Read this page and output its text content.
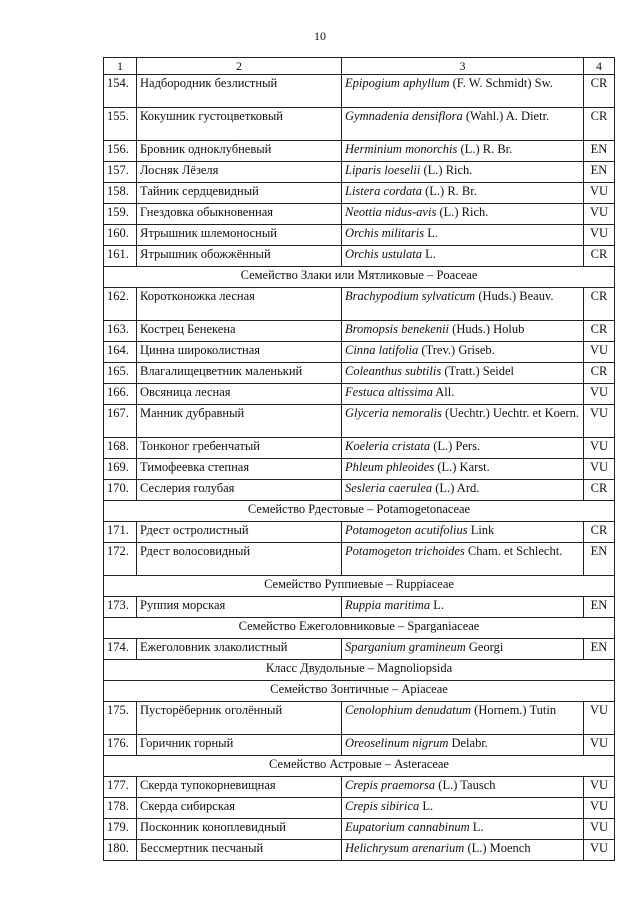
10
1	2	3	4
154.	Надбородник безлистный	Epipogium aphyllum (F. W. Schmidt) Sw.	CR
155.	Кокушник густоцветковый	Gymnadenia densiflora (Wahl.) A. Dietr.	CR
156.	Бровник одноклубневый	Herminium monorchis (L.) R. Br.	EN
157.	Лосняк Лёзеля	Liparis loeselii (L.) Rich.	EN
158.	Тайник сердцевидный	Listera cordata (L.) R. Br.	VU
159.	Гнездовка обыкновенная	Neottia nidus-avis (L.) Rich.	VU
160.	Ятрышник шлемоносный	Orchis militaris L.	VU
161.	Ятрышник обожжённый	Orchis ustulata L.	CR
Семейство Злаки или Мятликовые – Poaceae			
162.	Коротконожка лесная	Brachypodium sylvaticum (Huds.) Beauv.	CR
163.	Кострец Бенекена	Bromopsis benekenii (Huds.) Holub	CR
164.	Цинна широколистная	Cinna latifolia (Trev.) Griseb.	VU
165.	Влагалищецветник маленький	Coleanthus subtilis (Tratt.) Seidel	CR
166.	Овсяница лесная	Festuca altissima All.	VU
167.	Манник дубравный	Glyceria nemoralis (Uechtr.) Uechtr. et Koern.	VU
168.	Тонконог гребенчатый	Koeleria cristata (L.) Pers.	VU
169.	Тимофеевка степная	Phleum phleoides (L.) Karst.	VU
170.	Сеслерия голубая	Sesleria caerulea (L.) Ard.	CR
Семейство Рдестовые – Potamogetonaceae			
171.	Рдест остролистный	Potamogeton acutifolius Link	CR
172.	Рдест волосовидный	Potamogeton trichoides Cham. et Schlecht.	EN
Семейство Руппиевые – Ruppiaceae			
173.	Руппия морская	Ruppia maritima L.	EN
Семейство Ежеголовниковые – Sparganiaceae			
174.	Ежеголовник злаколистный	Sparganium gramineum Georgi	EN
Класс Двудольные – Magnoliopsida			
Семейство Зонтичные – Apiaceae			
175.	Пусторёберник оголённый	Cenolophium denudatum (Hornem.) Tutin	VU
176.	Горичник горный	Oreoselinum nigrum Delabr.	VU
Семейство Астровые – Asteraceae			
177.	Скерда тупокорневищная	Crepis praemorsa (L.) Tausch	VU
178.	Скерда сибирская	Crepis sibirica L.	VU
179.	Посконник коноплевидный	Eupatorium cannabinum L.	VU
180.	Бессмертник песчаный	Helichrysum arenarium (L.) Moench	VU
